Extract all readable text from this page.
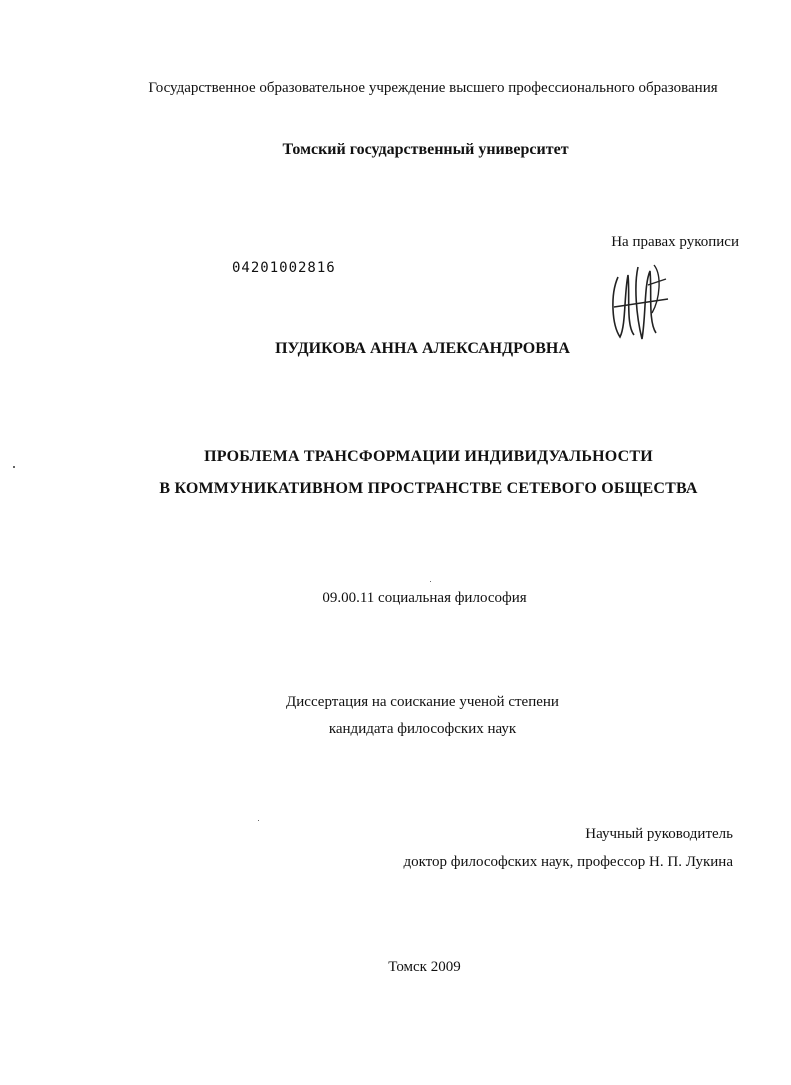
Государственное образовательное учреждение высшего профессионального образования
Томский государственный университет
На правах рукописи
04201002816
ПУДИКОВА АННА АЛЕКСАНДРОВНА
ПРОБЛЕМА ТРАНСФОРМАЦИИ ИНДИВИДУАЛЬНОСТИ
В КОММУНИКАТИВНОМ ПРОСТРАНСТВЕ СЕТЕВОГО ОБЩЕСТВА
09.00.11 социальная философия
Диссертация на соискание ученой степени
кандидата философских наук
Научный руководитель
доктор философских наук, профессор Н. П. Лукина
Томск 2009
